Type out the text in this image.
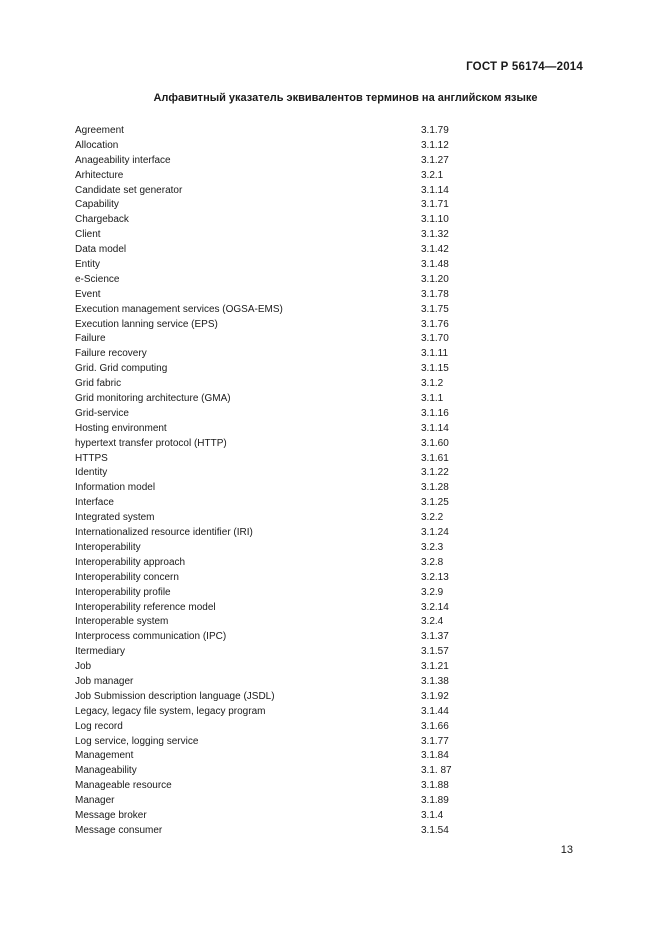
ГОСТ Р 56174—2014
Алфавитный указатель эквивалентов терминов на английском языке
Agreement	3.1.79
Allocation	3.1.12
Anageability interface	3.1.27
Arhitecture	3.2.1
Candidate set generator	3.1.14
Capability	3.1.71
Chargeback	3.1.10
Client	3.1.32
Data model	3.1.42
Entity	3.1.48
e-Science	3.1.20
Event	3.1.78
Execution management services (OGSA-EMS)	3.1.75
Execution lanning service (EPS)	3.1.76
Failure	3.1.70
Failure recovery	3.1.11
Grid. Grid computing	3.1.15
Grid fabric	3.1.2
Grid monitoring architecture (GMA)	3.1.1
Grid-service	3.1.16
Hosting environment	3.1.14
hypertext transfer protocol (HTTP)	3.1.60
HTTPS	3.1.61
Identity	3.1.22
Information model	3.1.28
Interface	3.1.25
Integrated system	3.2.2
Internationalized resource identifier (IRI)	3.1.24
Interoperability	3.2.3
Interoperability approach	3.2.8
Interoperability concern	3.2.13
Interoperability profile	3.2.9
Interoperability reference model	3.2.14
Interoperable system	3.2.4
Interprocess communication (IPC)	3.1.37
Itermediary	3.1.57
Job	3.1.21
Job manager	3.1.38
Job Submission description language (JSDL)	3.1.92
Legacy, legacy file system, legacy program	3.1.44
Log record	3.1.66
Log service, logging service	3.1.77
Management	3.1.84
Manageability	3.1. 87
Manageable resource	3.1.88
Manager	3.1.89
Message broker	3.1.4
Message consumer	3.1.54
13
